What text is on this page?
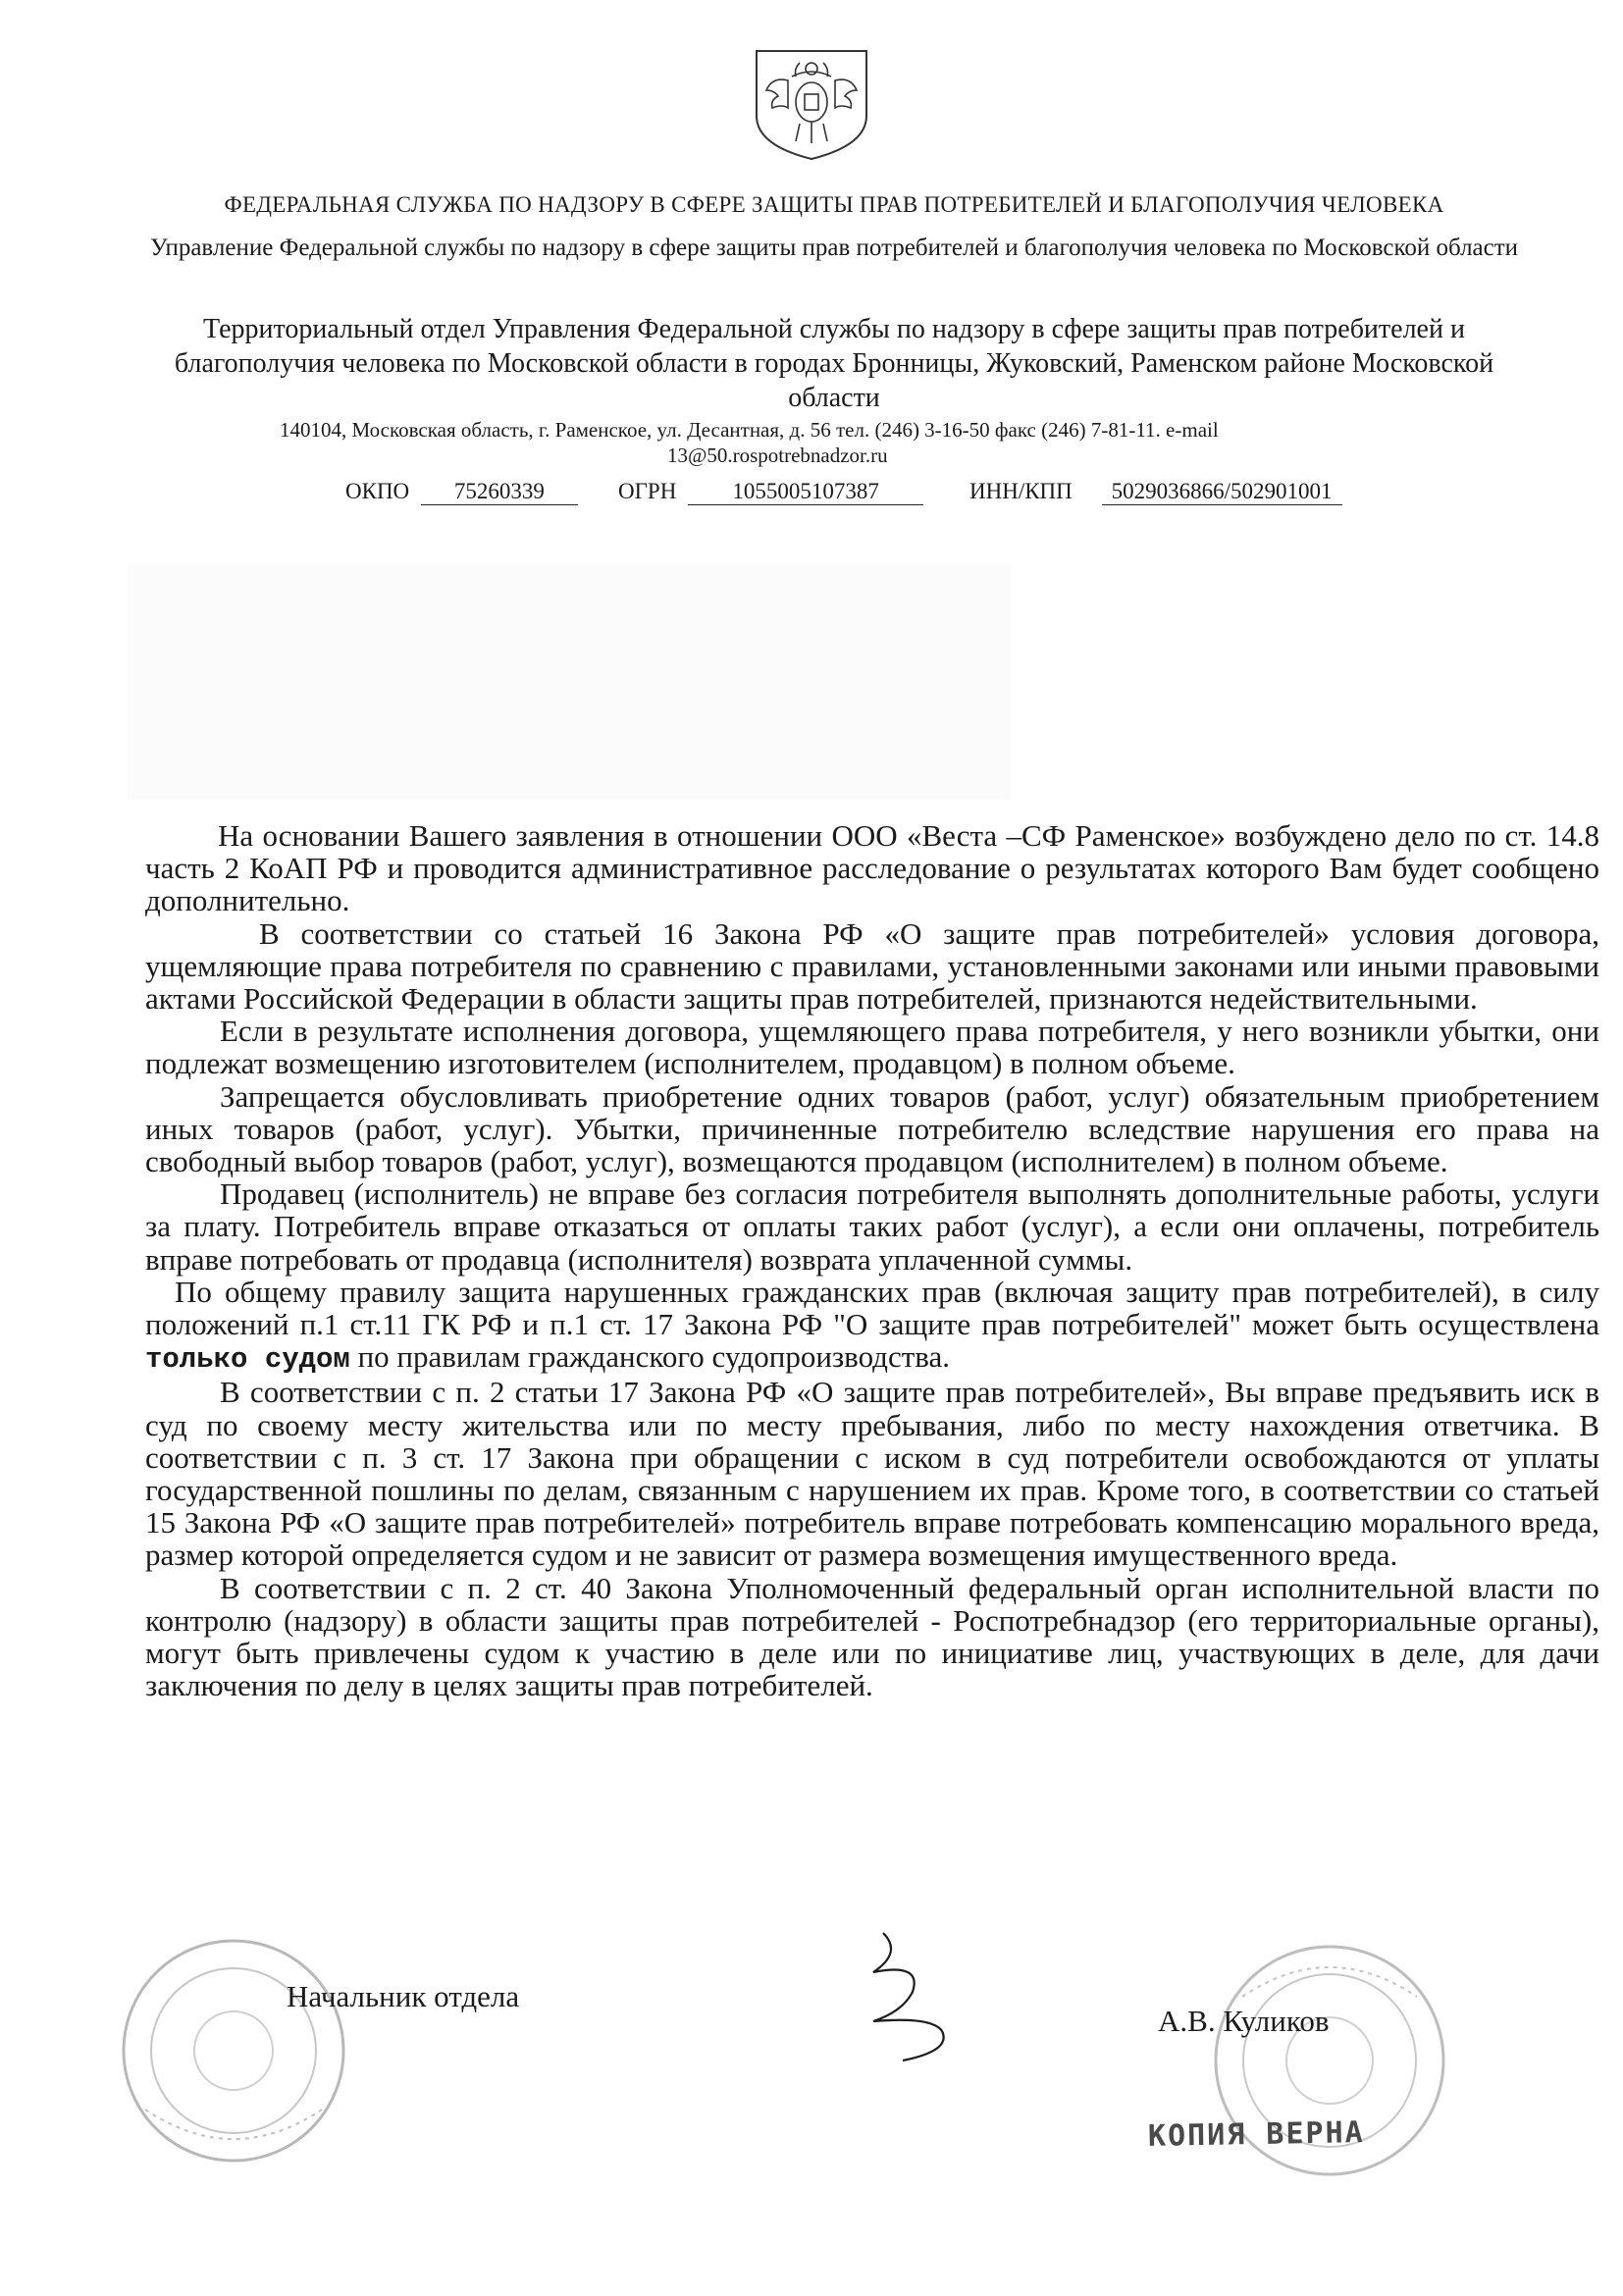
ФЕДЕРАЛЬНАЯ СЛУЖБА ПО НАДЗОРУ В СФЕРЕ ЗАЩИТЫ ПРАВ ПОТРЕБИТЕЛЕЙ И БЛАГОПОЛУЧИЯ ЧЕЛОВЕКА

Управление Федеральной службы по надзору в сфере защиты прав потребителей и благополучия человека по Московской области

Территориальный отдел Управления Федеральной службы по надзору в сфере защиты прав потребителей и благополучия человека по Московской области в городах Бронницы, Жуковский, Раменском районе Московской области

140104, Московская область, г. Раменское, ул. Десантная, д. 56 тел. (246) 3-16-50 факс (246) 7-81-11. e-mail
13@50.rospotrebnadzor.ru
ОКПО 75260339	ОГРН 1055005107387	ИНН/КПП 5029036866/502901001

На основании Вашего заявления в отношении ООО «Веста –СФ Раменское» возбуждено дело по ст. 14.8 часть 2 КоАП РФ и проводится административное расследование о результатах которого Вам будет сообщено дополнительно.

В соответствии со статьей 16 Закона РФ «О защите прав потребителей» условия договора, ущемляющие права потребителя по сравнению с правилами, установленными законами или иными правовыми актами Российской Федерации в области защиты прав потребителей, признаются недействительными.

Если в результате исполнения договора, ущемляющего права потребителя, у него возникли убытки, они подлежат возмещению изготовителем (исполнителем, продавцом) в полном объеме.

Запрещается обусловливать приобретение одних товаров (работ, услуг) обязательным приобретением иных товаров (работ, услуг). Убытки, причиненные потребителю вследствие нарушения его права на свободный выбор товаров (работ, услуг), возмещаются продавцом (исполнителем) в полном объеме.

Продавец (исполнитель) не вправе без согласия потребителя выполнять дополнительные работы, услуги за плату. Потребитель вправе отказаться от оплаты таких работ (услуг), а если они оплачены, потребитель вправе потребовать от продавца (исполнителя) возврата уплаченной суммы.

По общему правилу защита нарушенных гражданских прав (включая защиту прав потребителей), в силу положений п.1 ст.11 ГК РФ и п.1 ст. 17 Закона РФ "О защите прав потребителей" может быть осуществлена только судом по правилам гражданского судопроизводства.

В соответствии с п. 2 статьи 17 Закона РФ «О защите прав потребителей», Вы вправе предъявить иск в суд по своему месту жительства или по месту пребывания, либо по месту нахождения ответчика. В соответствии с п. 3 ст. 17 Закона при обращении с иском в суд потребители освобождаются от уплаты государственной пошлины по делам, связанным с нарушением их прав. Кроме того, в соответствии со статьей 15 Закона РФ «О защите прав потребителей» потребитель вправе потребовать компенсацию морального вреда, размер которой определяется судом и не зависит от размера возмещения имущественного вреда.

В соответствии с п. 2 ст. 40 Закона Уполномоченный федеральный орган исполнительной власти по контролю (надзору) в области защиты прав потребителей - Роспотребнадзор (его территориальные органы), могут быть привлечены судом к участию в деле или по инициативе лиц, участвующих в деле, для дачи заключения по делу в целях защиты прав потребителей.

Начальник отдела
А.В. Куликов
КОПИЯ ВЕРНА
